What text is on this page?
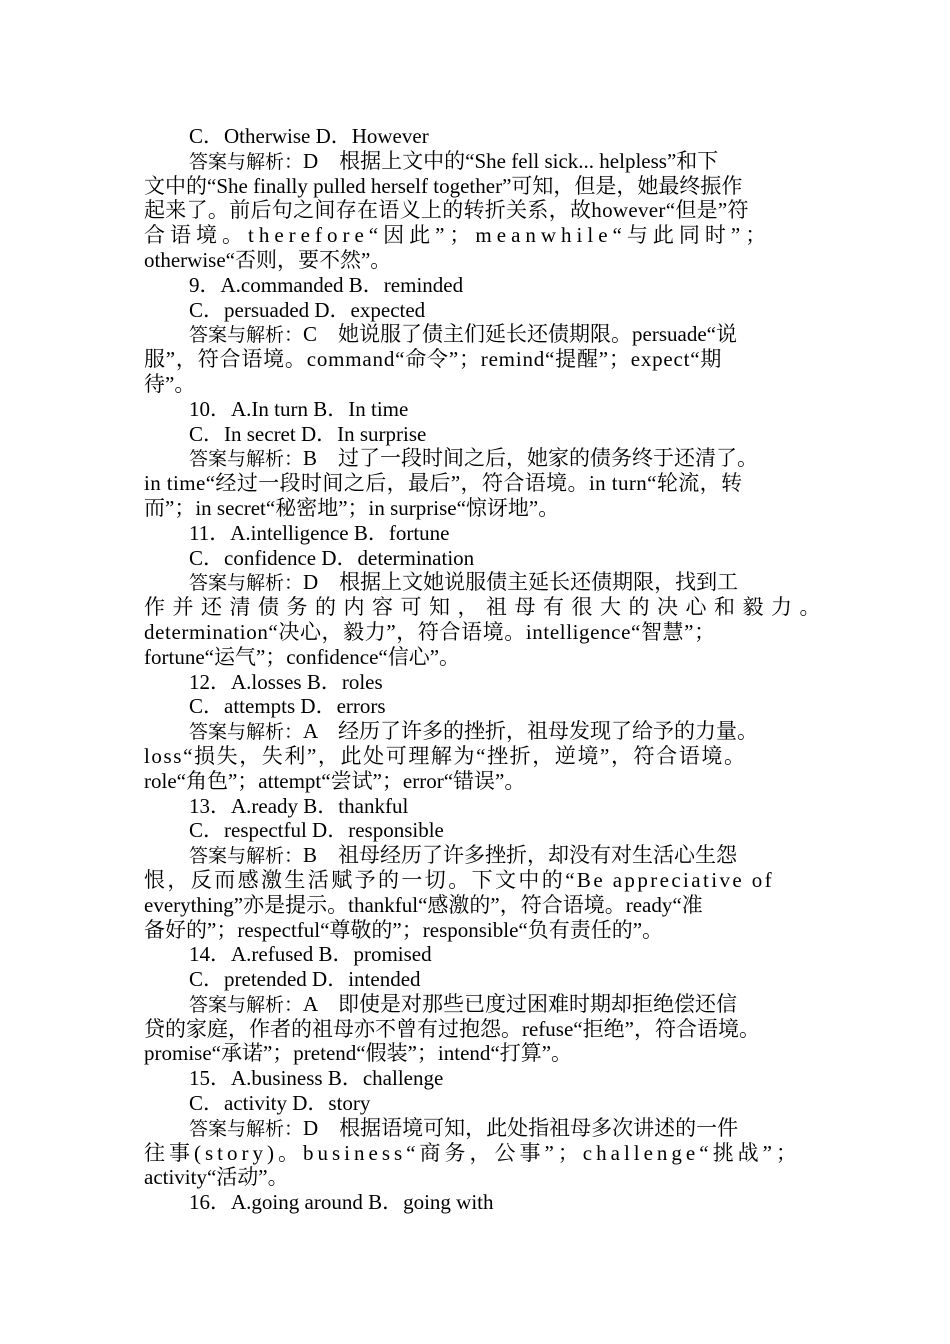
C．Otherwise D．However
答案与解析：D　根据上文中的“She fell sick... helpless”和下
文中的“She finally pulled herself together”可知，但是，她最终振作
起来了。前后句之间存在语义上的转折关系，故however“但是”符
合语境。therefore“因此”；meanwhile“与此同时”；
otherwise“否则，要不然”。
9．A.commanded B．reminded
C．persuaded D．expected
答案与解析：C　她说服了债主们延长还债期限。persuade“说
服”，符合语境。command“命令”；remind“提醒”；expect“期
待”。
10．A.In turn B．In time
C．In secret D．In surprise
答案与解析：B　过了一段时间之后，她家的债务终于还清了。
in time“经过一段时间之后，最后”，符合语境。in turn“轮流，转
而”；in secret“秘密地”；in surprise“惊讶地”。
11．A.intelligence B．fortune
C．confidence D．determination
答案与解析：D　根据上文她说服债主延长还债期限，找到工
作并还清债务的内容可知，祖母有很大的决心和毅力。
determination“决心，毅力”，符合语境。intelligence“智慧”；
fortune“运气”；confidence“信心”。
12．A.losses B．roles
C．attempts D．errors
答案与解析：A　经历了许多的挫折，祖母发现了给予的力量。
loss“损失，失利”，此处可理解为“挫折，逆境”，符合语境。
role“角色”；attempt“尝试”；error“错误”。
13．A.ready B．thankful
C．respectful D．responsible
答案与解析：B　祖母经历了许多挫折，却没有对生活心生怨
恨，反而感激生活赋予的一切。下文中的“Be appreciative of
everything”亦是提示。thankful“感激的”，符合语境。ready“准
备好的”；respectful“尊敬的”；responsible“负有责任的”。
14．A.refused B．promised
C．pretended D．intended
答案与解析：A　即使是对那些已度过困难时期却拒绝偿还信
贷的家庭，作者的祖母亦不曾有过抱怨。refuse“拒绝”，符合语境。
promise“承诺”；pretend“假装”；intend“打算”。
15．A.business B．challenge
C．activity D．story
答案与解析：D　根据语境可知，此处指祖母多次讲述的一件
往事(story)。business“商务，公事”；challenge“挑战”；
activity“活动”。
16．A.going around B．going with
